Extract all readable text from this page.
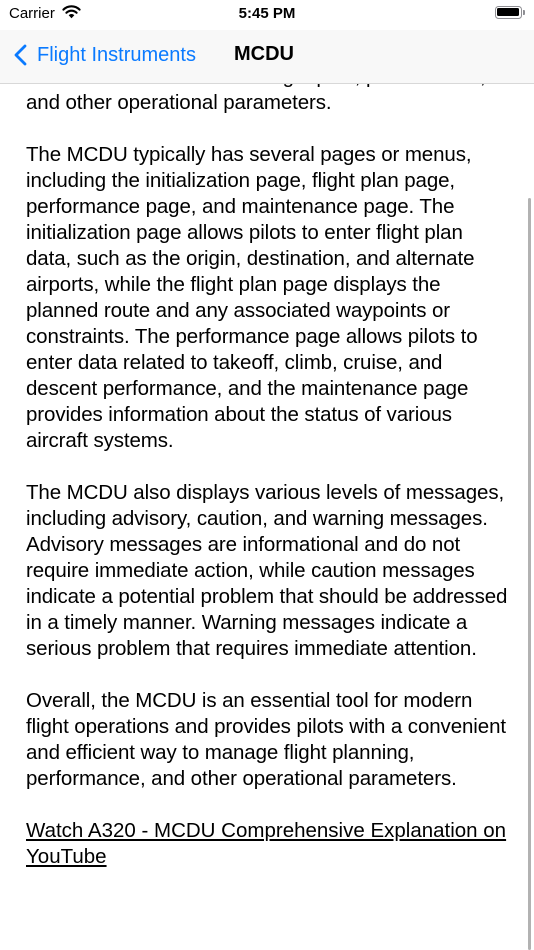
Carrier	5:45 PM
Flight Instruments MCDU

and other operational parameters.

The MCDU typically has several pages or menus, including the initialization page, flight plan page, performance page, and maintenance page. The initialization page allows pilots to enter flight plan data, such as the origin, destination, and alternate airports, while the flight plan page displays the planned route and any associated waypoints or constraints. The performance page allows pilots to enter data related to takeoff, climb, cruise, and descent performance, and the maintenance page provides information about the status of various aircraft systems.

The MCDU also displays various levels of messages, including advisory, caution, and warning messages. Advisory messages are informational and do not require immediate action, while caution messages indicate a potential problem that should be addressed in a timely manner. Warning messages indicate a serious problem that requires immediate attention.

Overall, the MCDU is an essential tool for modern flight operations and provides pilots with a convenient and efficient way to manage flight planning, performance, and other operational parameters.

Watch A320 - MCDU Comprehensive Explanation on YouTube
